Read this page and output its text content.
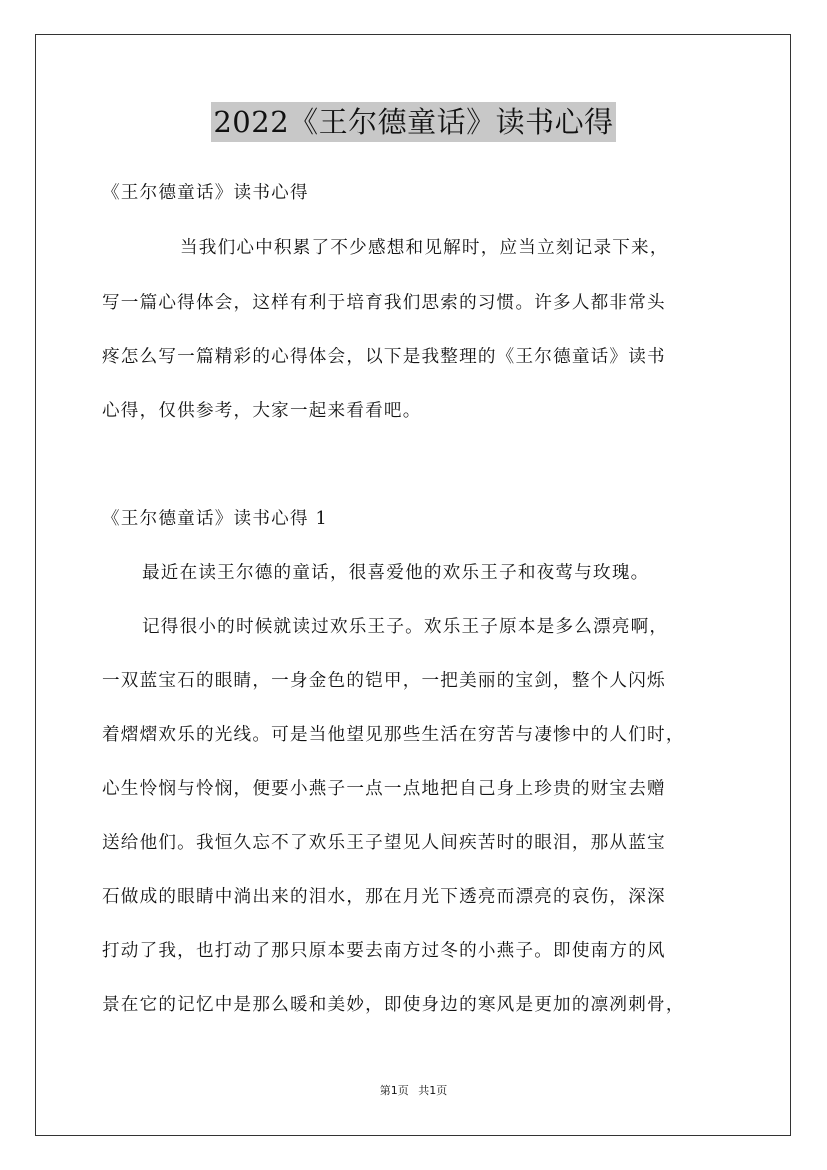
2022《王尔德童话》读书心得
《王尔德童话》读书心得
当我们心中积累了不少感想和见解时，应当立刻记录下来，
写一篇心得体会，这样有利于培育我们思索的习惯。许多人都非常头
疼怎么写一篇精彩的心得体会，以下是我整理的《王尔德童话》读书
心得，仅供参考，大家一起来看看吧。
《王尔德童话》读书心得 1
最近在读王尔德的童话，很喜爱他的欢乐王子和夜莺与玫瑰。
记得很小的时候就读过欢乐王子。欢乐王子原本是多么漂亮啊，
一双蓝宝石的眼睛，一身金色的铠甲，一把美丽的宝剑，整个人闪烁
着熠熠欢乐的光线。可是当他望见那些生活在穷苦与凄惨中的人们时，
心生怜悯与怜悯，便要小燕子一点一点地把自己身上珍贵的财宝去赠
送给他们。我恒久忘不了欢乐王子望见人间疾苦时的眼泪，那从蓝宝
石做成的眼睛中淌出来的泪水，那在月光下透亮而漂亮的哀伤，深深
打动了我，也打动了那只原本要去南方过冬的小燕子。即使南方的风
景在它的记忆中是那么暖和美妙，即使身边的寒风是更加的凛冽刺骨，
第1页 共1页
